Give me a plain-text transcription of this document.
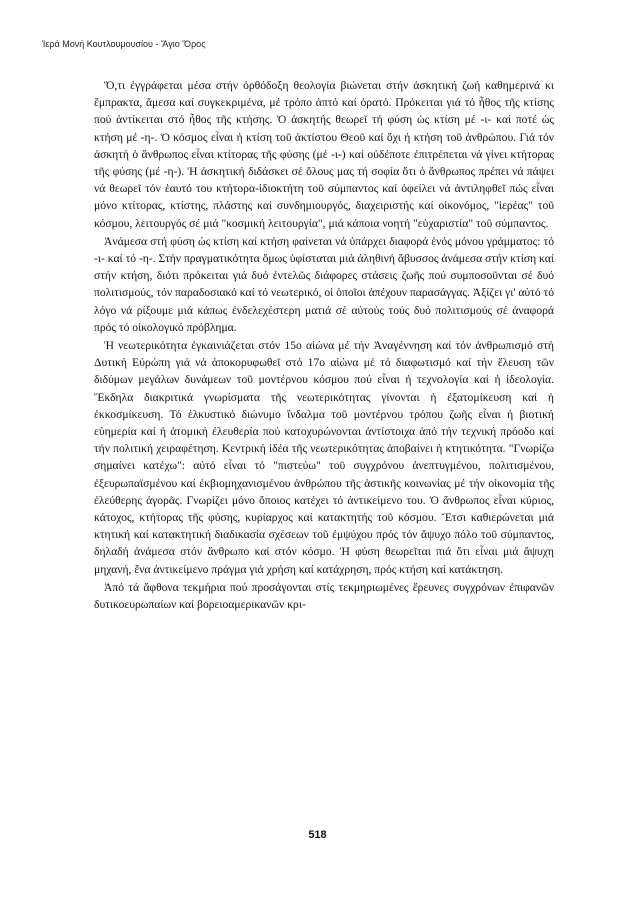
Ἱερά Μονή Κουτλουμουσίου - Ἅγιο Ὄρος

Ὅ,τι ἐγγράφεται μέσα στήν ὀρθόδοξη θεολογία βιώνεται στήν ἀσκητική ζωή καθημερινά κι ἔμπρακτα, ἄμεσα καί συγκεκριμένα, μέ τρόπο ἁπτό καί ὁρατό. Πρόκειται γιά τό ἦθος τῆς κτίσης πού ἀντίκειται στό ἦθος τῆς κτήσης. Ὁ ἀσκητής θεωρεῖ τή φύση ὡς κτίση μέ -ι- καί ποτέ ὡς κτήση μέ -η-. Ὁ κόσμος εἶναι ἡ κτίση τοῦ ἀκτίστου Θεοῦ καί ὄχι ἡ κτήση τοῦ ἀνθρώπου. Γιά τόν ἀσκητή ὁ ἄνθρωπος εἶναι κτίτορας τῆς φύσης (μέ -ι-) καί οὐδέποτε ἐπιτρέπεται νά γίνει κτήτορας τῆς φύσης (μέ -η-). Ἡ ἀσκητική διδάσκει σέ ὅλους μας τή σοφία ὅτι ὁ ἄνθρωπος πρέπει νά πάψει νά θεωρεῖ τόν ἑαυτό του κτήτορα-ἰδιοκτήτη τοῦ σύμπαντος καί ὀφείλει νά ἀντιληφθεῖ πώς εἶναι μόνο κτίτορας, κτίστης, πλάστης καί συνδημιουργός, διαχειριστής καί οἰκονόμος, "ἱερέας" τοῦ κόσμου, λειτουργός σέ μιά "κοσμική λειτουργία", μιά κάποια νοητή "εὐχαριστία" τοῦ σύμπαντος.

Ἀνάμεσα στή φύση ὡς κτίση καί κτήση φαίνεται νά ὑπάρχει διαφορά ἑνός μόνου γράμματος: τό -ι- καί τό -η-. Στήν πραγματικότητα ὅμως ὑφίσταται μιά ἀληθινή ἄβυσσος ἀνάμεσα στήν κτίση καί στήν κτήση, διότι πρόκειται γιά δυό ἐντελῶς διάφορες στάσεις ζωῆς πού συμποσοῦνται σέ δυό πολιτισμούς, τόν παραδοσιακό καί τό νεωτερικό, οἱ ὁποῖοι ἀπέχουν παρασάγγας. Ἀξίζει γι' αὐτό τό λόγο νά ρίξουμε μιά κάπως ἐνδελεχέστερη ματιά σέ αὐτούς τούς δυό πολιτισμούς σέ ἀναφορά πρός τό οἰκολογικό πρόβλημα.

Ἡ νεωτερικότητα ἐγκαινιάζεται στόν 15ο αἰώνα μέ τήν Ἀναγέννηση καί τόν ἀνθρωπισμό στή Δυτική Εὐρώπη γιά νά ἀποκορυφωθεῖ στό 17ο αἰώνα μέ τό διαφωτισμό καί τήν ἔλευση τῶν διδύμων μεγάλων δυνάμεων τοῦ μοντέρνου κόσμου πού εἶναι ἡ τεχνολογία καί ἡ ἰδεολογία. Ἔκδηλα διακριτικά γνωρίσματα τῆς νεωτερικότητας γίνονται ἡ ἐξατομίκευση καί ἡ ἐκκοσμίκευση. Τό ἑλκυστικό διώνυμο ἴνδαλμα τοῦ μοντέρνου τρόπου ζωῆς εἶναι ἡ βιοτική εὐημερία καί ἡ ἀτομική ἐλευθερία πού κατοχυρώνονται ἀντίστοιχα ἀπό τήν τεχνική πρόοδο καί τήν πολιτική χειραφέτηση. Κεντρική ἰδέα τῆς νεωτερικότητας ἀποβαίνει ἡ κτητικότητα. "Γνωρίζω σημαίνει κατέχω": αὐτό εἶναι τό "πιστεύω" τοῦ συγχρόνου ἀνεπτυγμένου, πολιτισμένου, ἐξευρωπαϊσμένου καί ἐκβιομηχανισμένου ἀνθρώπου τῆς ἀστικῆς κοινωνίας μέ τήν οἰκονομία τῆς ἐλεύθερης ἀγορᾶς. Γνωρίζει μόνο ὅποιος κατέχει τό ἀντικείμενο του. Ὁ ἄνθρωπος εἶναι κύριος, κάτοχος, κτήτορας τῆς φύσης, κυρίαρχος καί κατακτητής τοῦ κόσμου. Ἔτσι καθιερώνεται μιά κτητική καί κατακτητική διαδικασία σχέσεων τοῦ ἐμψύχου πρός τόν ἄψυχο πόλο τοῦ σύμπαντος, δηλαδή ἀνάμεσα στόν ἄνθρωπο καί στόν κόσμο. Ἡ φύση θεωρεῖται πιά ὅτι εἶναι μιά ἄψυχη μηχανή, ἕνα ἀντικείμενο πράγμα γιά χρήση καί κατάχρηση, πρός κτήση καί κατάκτηση.

Ἀπό τά ἄφθονα τεκμήρια πού προσάγονται στίς τεκμηριωμένες ἔρευνες συγχρόνων ἐπιφανῶν δυτικοευρωπαίων καί βορειοαμερικανῶν κρι-

518
